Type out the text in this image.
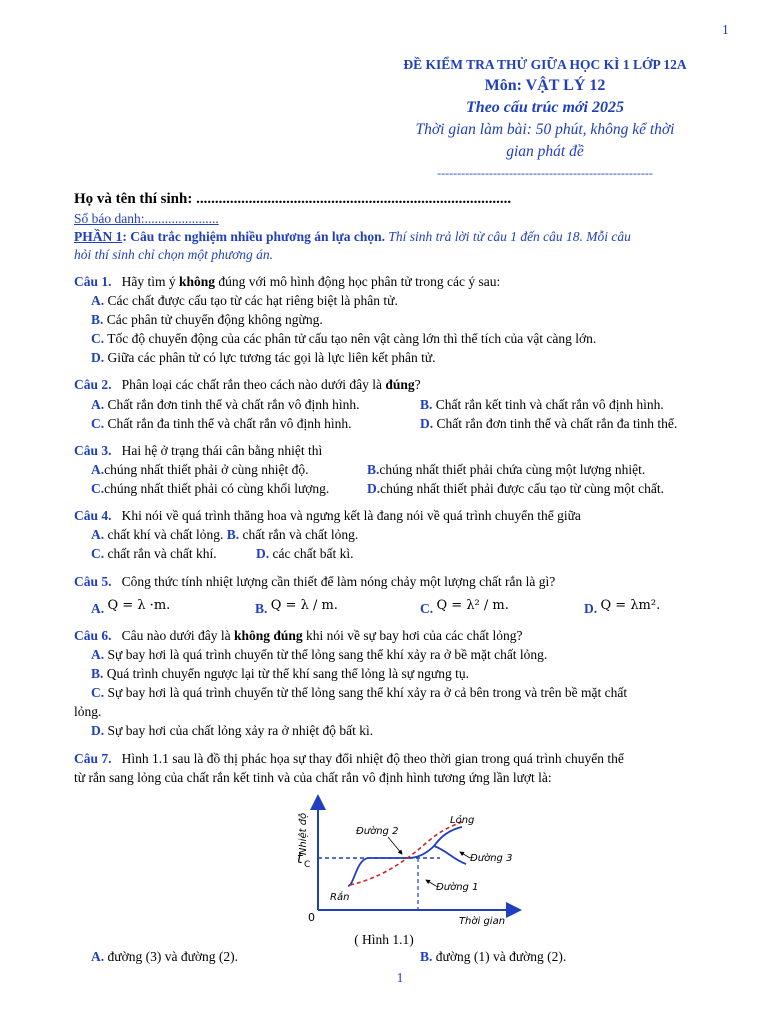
1
ĐỀ KIỂM TRA THỬ GIỮA HỌC KÌ 1 LỚP 12A
Môn: VẬT LÝ 12
Theo cấu trúc mới 2025
Thời gian làm bài: 50 phút, không kể thời
gian phát đề
------------------------------------------------------
Họ và tên thí sinh: ....................................................................................
Số báo danh:......................
PHẦN 1: Câu trắc nghiệm nhiều phương án lựa chọn. Thí sinh trả lời từ câu 1 đến câu 18. Mỗi câu
hỏi thí sinh chỉ chọn một phương án.
Câu 1. Hãy tìm ý không đúng với mô hình động học phân tử trong các ý sau:
A. Các chất được cấu tạo từ các hạt riêng biệt là phân tử.
B. Các phân tử chuyển động không ngừng.
C. Tốc độ chuyển động của các phân tử cấu tạo nên vật càng lớn thì thể tích của vật càng lớn.
D. Giữa các phân tử có lực tương tác gọi là lực liên kết phân tử.
Câu 2. Phân loại các chất rắn theo cách nào dưới đây là đúng?
A. Chất rắn đơn tinh thể và chất rắn vô định hình.	B. Chất rắn kết tinh và chất rắn vô định hình.
C. Chất rắn đa tinh thể và chất rắn vô định hình.	D. Chất rắn đơn tinh thể và chất rắn đa tinh thể.
Câu 3. Hai hệ ở trạng thái cân bằng nhiệt thì
A.chúng nhất thiết phải ở cùng nhiệt độ.	B.chúng nhất thiết phải chứa cùng một lượng nhiệt.
C.chúng nhất thiết phải có cùng khối lượng.	D.chúng nhất thiết phải được cấu tạo từ cùng một chất.
Câu 4. Khi nói về quá trình thăng hoa và ngưng kết là đang nói về quá trình chuyển thể giữa
A. chất khí và chất lỏng. B. chất rắn và chất lỏng.
C. chất rắn và chất khí.	D. các chất bất kì.
Câu 5. Công thức tính nhiệt lượng cần thiết để làm nóng chảy một lượng chất rắn là gì?
A. Q = λ ·m.	B. Q = λ / m.	C. Q = λ² / m.	D. Q = λm².
Câu 6. Câu nào dưới đây là không đúng khi nói về sự bay hơi của các chất lỏng?
A. Sự bay hơi là quá trình chuyển từ thể lỏng sang thể khí xảy ra ở bề mặt chất lỏng.
B. Quá trình chuyển ngược lại từ thể khí sang thể lỏng là sự ngưng tụ.
C. Sự bay hơi là quá trình chuyển từ thể lỏng sang thể khí xảy ra ở cả bên trong và trên bề mặt chất
lỏng.
D. Sự bay hơi của chất lỏng xảy ra ở nhiệt độ bất kì.
Câu 7. Hình 1.1 sau là đồ thị phác họa sự thay đổi nhiệt độ theo thời gian trong quá trình chuyển thể
từ rắn sang lỏng của chất rắn kết tinh và của chất rắn vô định hình tương ứng lần lượt là:
Nhiệt độ
Thời gian
0
t C
Đường 2
Lỏng
Đường 3
Đường 1
Rắn
( Hình 1.1)
A. đường (3) và đường (2).	B. đường (1) và đường (2).
1
